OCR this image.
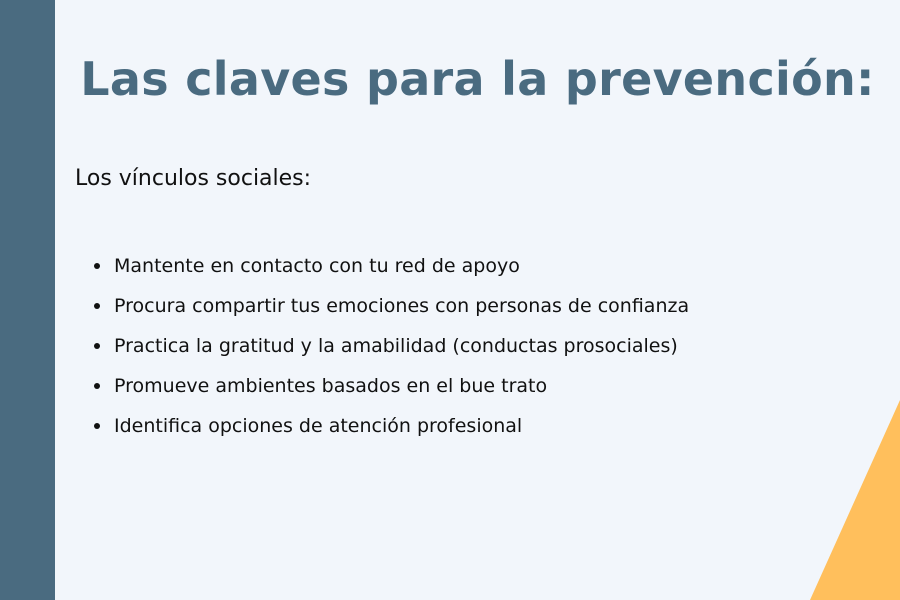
Las claves para la prevención:

Los vínculos sociales:

Mantente en contacto con tu red de apoyo
Procura compartir tus emociones con personas de confianza
Practica la gratitud y la amabilidad (conductas prosociales)
Promueve ambientes basados en el bue trato
Identifica opciones de atención profesional
